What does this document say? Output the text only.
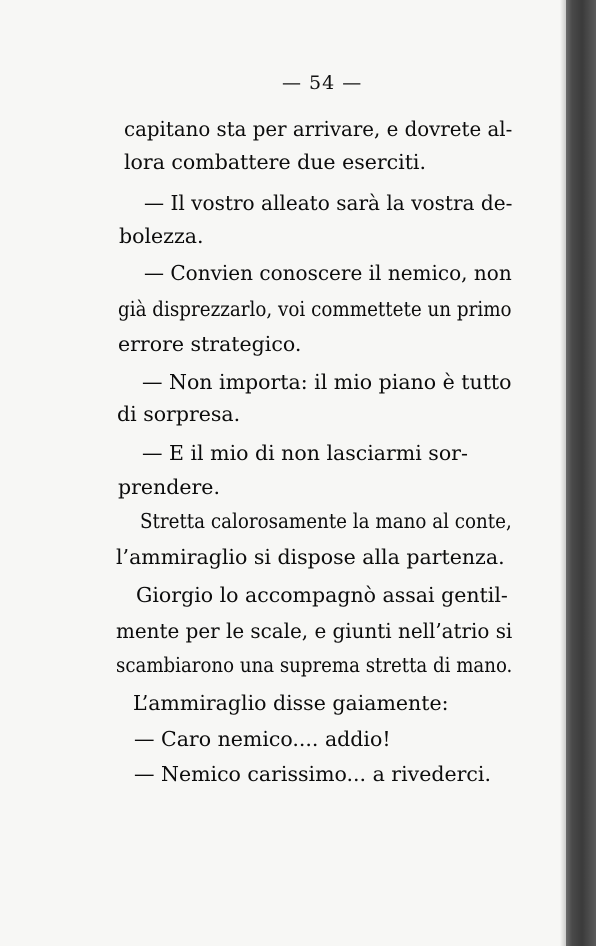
— 54 —
capitano sta per arrivare, e dovrete al-
lora combattere due eserciti.
— Il vostro alleato sarà la vostra de-
bolezza.
— Convien conoscere il nemico, non
già disprezzarlo, voi commettete un primo
errore strategico.
— Non importa: il mio piano è tutto
di sorpresa.
— E il mio di non lasciarmi sor-
prendere.
Stretta calorosamente la mano al conte,
l’ammiraglio si dispose alla partenza.
Giorgio lo accompagnò assai gentil-
mente per le scale, e giunti nell’atrio si
scambiarono una suprema stretta di mano.
L’ammiraglio disse gaiamente:
— Caro nemico.... addio!
— Nemico carissimo... a rivederci.
